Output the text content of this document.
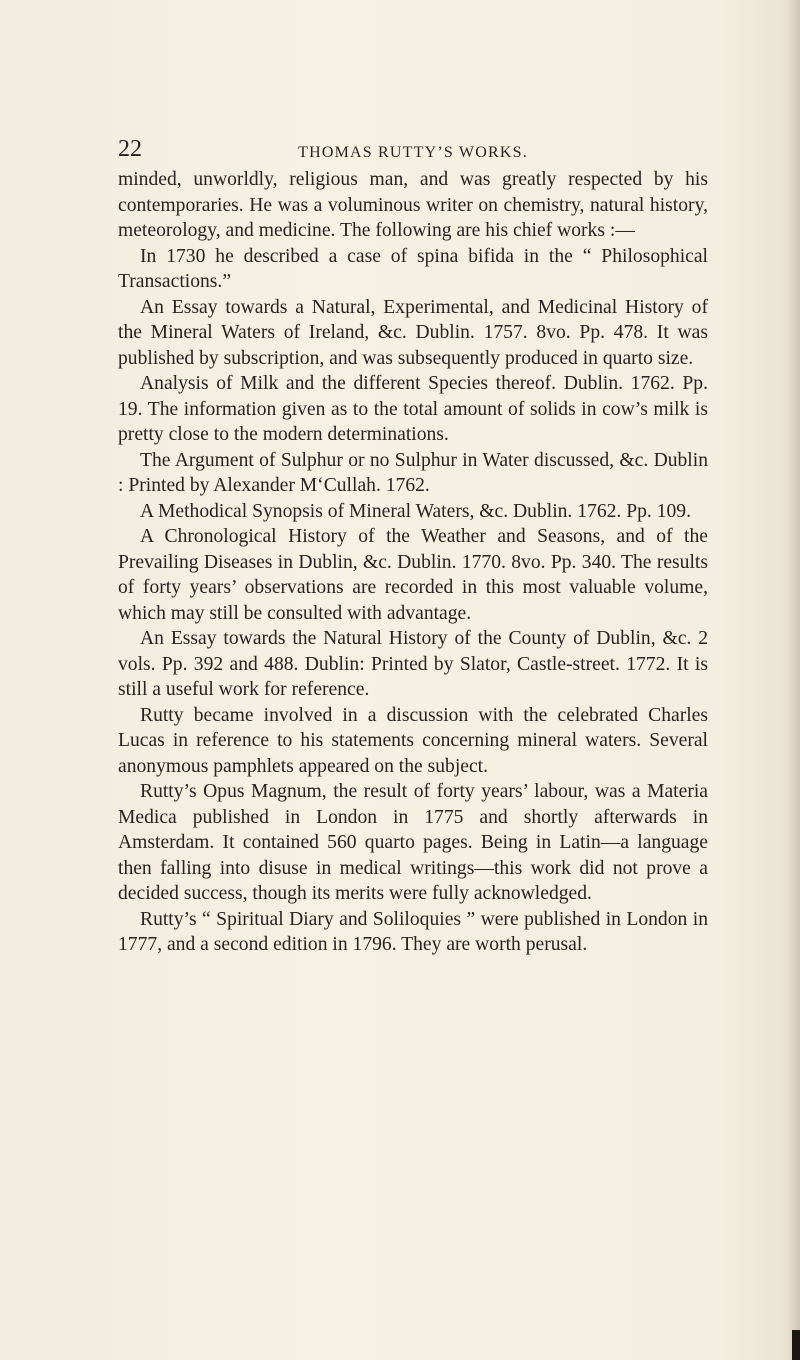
22	THOMAS RUTTY’S WORKS.

minded, unworldly, religious man, and was greatly respected by his contemporaries. He was a voluminous writer on chemistry, natural history, meteorology, and medicine. The following are his chief works :—

In 1730 he described a case of spina bifida in the “ Philosophical Transactions.”

An Essay towards a Natural, Experimental, and Medicinal History of the Mineral Waters of Ireland, &c. Dublin. 1757. 8vo. Pp. 478. It was published by subscription, and was subsequently produced in quarto size.

Analysis of Milk and the different Species thereof. Dublin. 1762. Pp. 19. The information given as to the total amount of solids in cow’s milk is pretty close to the modern determinations.

The Argument of Sulphur or no Sulphur in Water discussed, &c. Dublin : Printed by Alexander M‘Cullah. 1762.

A Methodical Synopsis of Mineral Waters, &c. Dublin. 1762. Pp. 109.

A Chronological History of the Weather and Seasons, and of the Prevailing Diseases in Dublin, &c. Dublin. 1770. 8vo. Pp. 340. The results of forty years’ observations are recorded in this most valuable volume, which may still be consulted with advantage.

An Essay towards the Natural History of the County of Dublin, &c. 2 vols. Pp. 392 and 488. Dublin: Printed by Slator, Castle-street. 1772. It is still a useful work for reference.

Rutty became involved in a discussion with the celebrated Charles Lucas in reference to his statements concerning mineral waters. Several anonymous pamphlets appeared on the subject.

Rutty’s Opus Magnum, the result of forty years’ labour, was a Materia Medica published in London in 1775 and shortly afterwards in Amsterdam. It contained 560 quarto pages. Being in Latin—a language then falling into disuse in medical writings—this work did not prove a decided success, though its merits were fully acknowledged.

Rutty’s “ Spiritual Diary and Soliloquies ” were published in London in 1777, and a second edition in 1796. They are worth perusal.
